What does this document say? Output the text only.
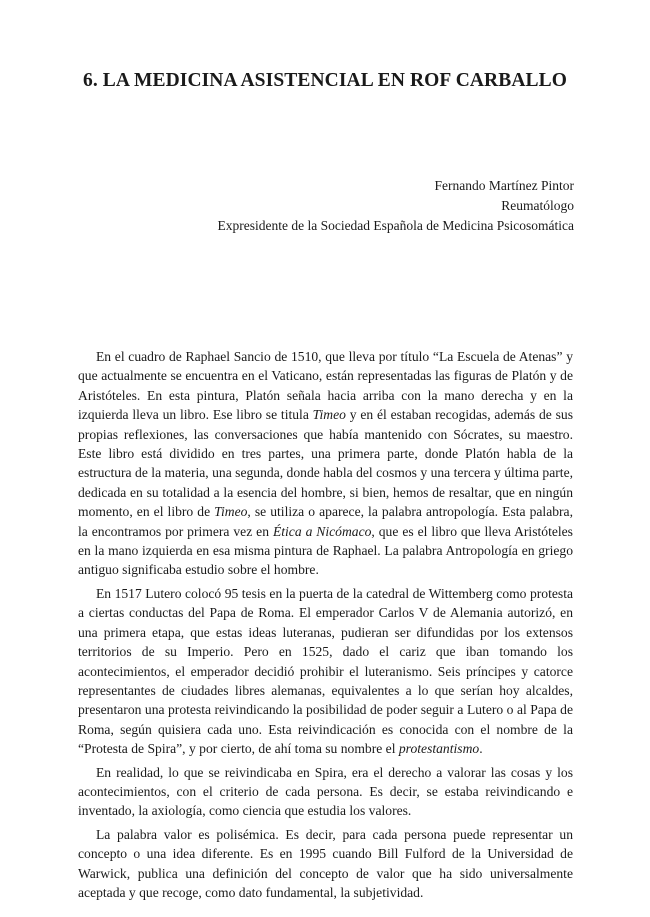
6. LA MEDICINA ASISTENCIAL EN ROF CARBALLO
Fernando Martínez Pintor
Reumatólogo
Expresidente de la Sociedad Española de Medicina Psicosomática

En el cuadro de Raphael Sancio de 1510, que lleva por título “La Escuela de Atenas” y que actualmente se encuentra en el Vaticano, están representadas las figuras de Platón y de Aristóteles. En esta pintura, Platón señala hacia arriba con la mano derecha y en la izquierda lleva un libro. Ese libro se titula Timeo y en él estaban recogidas, además de sus propias reflexiones, las conversaciones que había mantenido con Sócrates, su maestro. Este libro está dividido en tres partes, una primera parte, donde Platón habla de la estructura de la materia, una segunda, donde habla del cosmos y una tercera y última parte, dedicada en su totalidad a la esencia del hombre, si bien, hemos de resaltar, que en ningún momento, en el libro de Timeo, se utiliza o aparece, la palabra antropología. Esta palabra, la encontramos por primera vez en Ética a Nicómaco, que es el libro que lleva Aristóteles en la mano izquierda en esa misma pintura de Raphael. La palabra Antropología en griego antiguo significaba estudio sobre el hombre.

En 1517 Lutero colocó 95 tesis en la puerta de la catedral de Wittemberg como protesta a ciertas conductas del Papa de Roma. El emperador Carlos V de Alemania autorizó, en una primera etapa, que estas ideas luteranas, pudieran ser difundidas por los extensos territorios de su Imperio. Pero en 1525, dado el cariz que iban tomando los acontecimientos, el emperador decidió prohibir el luteranismo. Seis príncipes y catorce representantes de ciudades libres alemanas, equivalentes a lo que serían hoy alcaldes, presentaron una protesta reivindicando la posibilidad de poder seguir a Lutero o al Papa de Roma, según quisiera cada uno. Esta reivindicación es conocida con el nombre de la “Protesta de Spira”, y por cierto, de ahí toma su nombre el protestantismo.

En realidad, lo que se reivindicaba en Spira, era el derecho a valorar las cosas y los acontecimientos, con el criterio de cada persona. Es decir, se estaba reivindicando e inventado, la axiología, como ciencia que estudia los valores.

La palabra valor es polisémica. Es decir, para cada persona puede representar un concepto o una idea diferente. Es en 1995 cuando Bill Fulford de la Universidad de Warwick, publica una definición del concepto de valor que ha sido universalmente aceptada y que recoge, como dato fundamental, la subjetividad.
